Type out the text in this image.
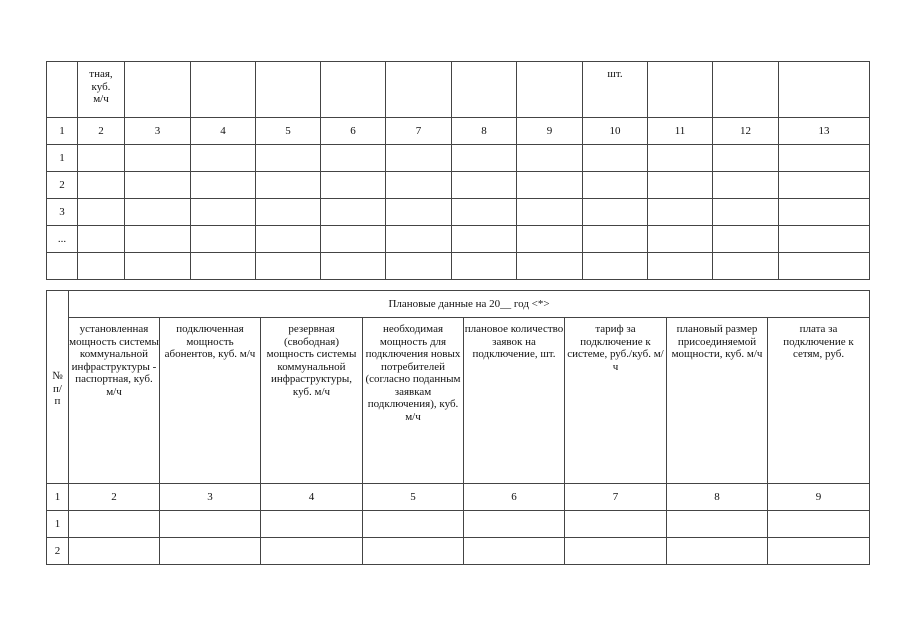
	тная,
куб.
м/ч								шт.			
1	2	3	4	5	6	7	8	9	10	11	12	13
1												
2												
3												
...												

№
п/
п	Плановые данные на 20__ год <*>							
	установленная мощность системы коммунальной инфраструктуры - паспортная, куб. м/ч	подключенная мощность абонентов, куб. м/ч	резервная (свободная) мощность системы коммунальной инфраструктуры, куб. м/ч	необходимая мощность для подключения новых потребителей (согласно поданным заявкам подключения), куб. м/ч	плановое количество заявок на подключение, шт.	тариф за подключение к системе, руб./куб. м/ч	плановый размер присоединяемой мощности, куб. м/ч	плата за подключение к сетям, руб.
1	2	3	4	5	6	7	8	9
1								
2								
